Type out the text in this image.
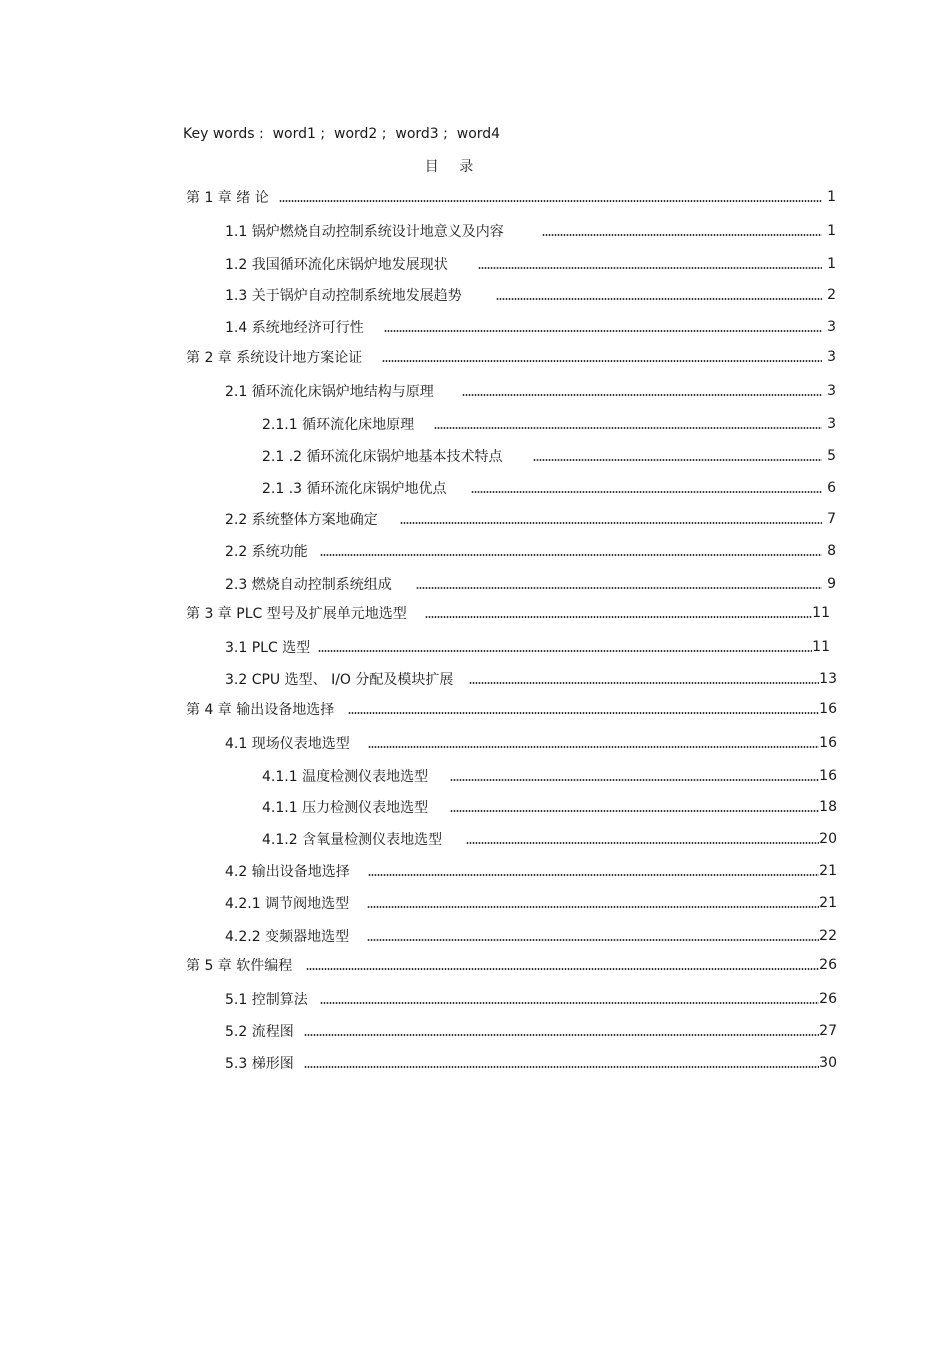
Key words :  word1 ;  word2 ;  word3 ;  word4
目 录
第 1 章 绪 论	1
1.1 锅炉燃烧自动控制系统设计地意义及内容	1
1.2 我国循环流化床锅炉地发展现状	1
1.3 关于锅炉自动控制系统地发展趋势	2
1.4 系统地经济可行性	3
第 2 章 系统设计地方案论证	3
2.1 循环流化床锅炉地结构与原理	3
2.1.1 循环流化床地原理	3
2.1 .2 循环流化床锅炉地基本技术特点	5
2.1 .3 循环流化床锅炉地优点	6
2.2 系统整体方案地确定	7
2.2 系统功能	8
2.3 燃烧自动控制系统组成	9
第 3 章 PLC 型号及扩展单元地选型	11
3.1 PLC 选型	11
3.2 CPU 选型、 I/O 分配及模块扩展	13
第 4 章 输出设备地选择	16
4.1 现场仪表地选型	16
4.1.1 温度检测仪表地选型	16
4.1.1 压力检测仪表地选型	18
4.1.2 含氧量检测仪表地选型	20
4.2 输出设备地选择	21
4.2.1 调节阀地选型	21
4.2.2 变频器地选型	22
第 5 章 软件编程	26
5.1 控制算法	26
5.2 流程图	27
5.3 梯形图	30
